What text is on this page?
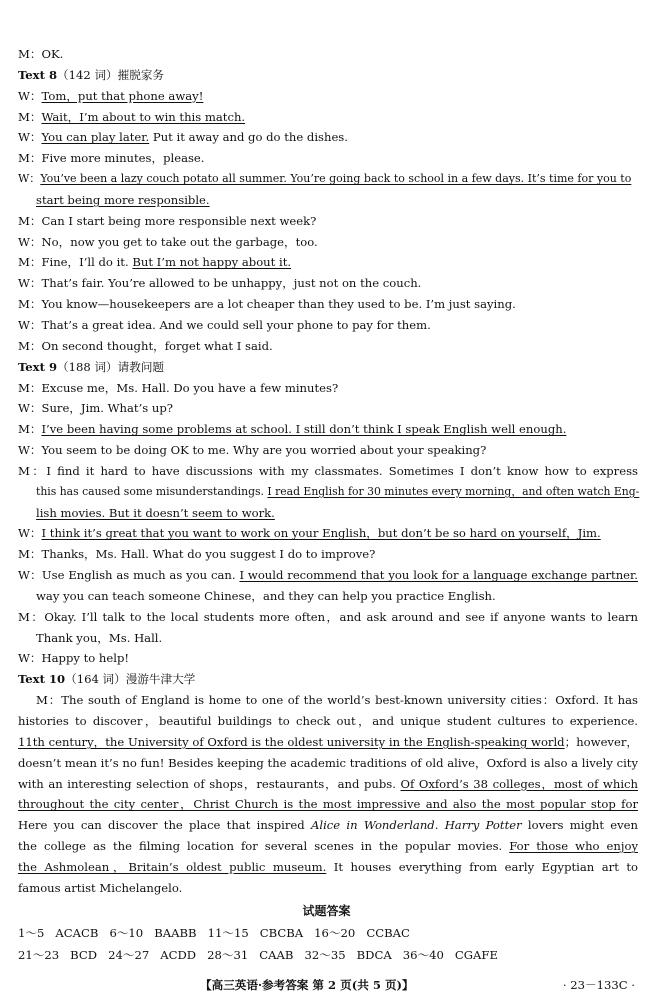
M：OK.
Text 8（142 词）摧脱家务
W：Tom，put that phone away!
M：Wait，I’m about to win this match.
W：You can play later. Put it away and go do the dishes.
M：Five more minutes，please.
W：You’ve been a lazy couch potato all summer. You’re going back to school in a few days. It’s time for you to
start being more responsible.
M：Can I start being more responsible next week?
W：No，now you get to take out the garbage，too.
M：Fine，I’ll do it. But I’m not happy about it.
W：That’s fair. You’re allowed to be unhappy，just not on the couch.
M：You know—housekeepers are a lot cheaper than they used to be. I’m just saying.
W：That’s a great idea. And we could sell your phone to pay for them.
M：On second thought，forget what I said.
Text 9（188 词）请教问题
M：Excuse me，Ms. Hall. Do you have a few minutes?
W：Sure，Jim. What’s up?
M：I’ve been having some problems at school. I still don’t think I speak English well enough.
W：You seem to be doing OK to me. Why are you worried about your speaking?
M：I find it hard to have discussions with my classmates. Sometimes I don’t know how to express
this has caused some misunderstandings. I read English for 30 minutes every morning，and often watch Eng-
lish movies. But it doesn’t seem to work.
W：I think it’s great that you want to work on your English，but don’t be so hard on yourself，Jim.
M：Thanks，Ms. Hall. What do you suggest I do to improve?
W：Use English as much as you can. I would recommend that you look for a language exchange partner.
way you can teach someone Chinese，and they can help you practice English.
M：Okay. I’ll talk to the local students more often，and ask around and see if anyone wants to learn
Thank you，Ms. Hall.
W：Happy to help!
Text 10（164 词）漫游牛津大学
M：The south of England is home to one of the world’s best-known university cities：Oxford. It has
histories to discover，beautiful buildings to check out，and unique student cultures to experience.
11th century，the University of Oxford is the oldest university in the English-speaking world；however，
doesn’t mean it’s no fun! Besides keeping the academic traditions of old alive，Oxford is also a lively city
with an interesting selection of shops，restaurants，and pubs. Of Oxford’s 38 colleges，most of which
throughout the city center，Christ Church is the most impressive and also the most popular stop for
Here you can discover the place that inspired Alice in Wonderland. Harry Potter lovers might even
the college as the filming location for several scenes in the popular movies. For those who enjoy
the Ashmolean，Britain’s oldest public museum. It houses everything from early Egyptian art to
famous artist Michelangelo.
试题答案
1～5   ACACB   6～10   BAABB   11～15   CBCBA   16～20   CCBAC
21～23   BCD   24～27   ACDD   28～31   CAAB   32～35   BDCA   36～40   CGAFE
【高三英语·参考答案 第 2 页(共 5 页)】	· 23－133C ·
